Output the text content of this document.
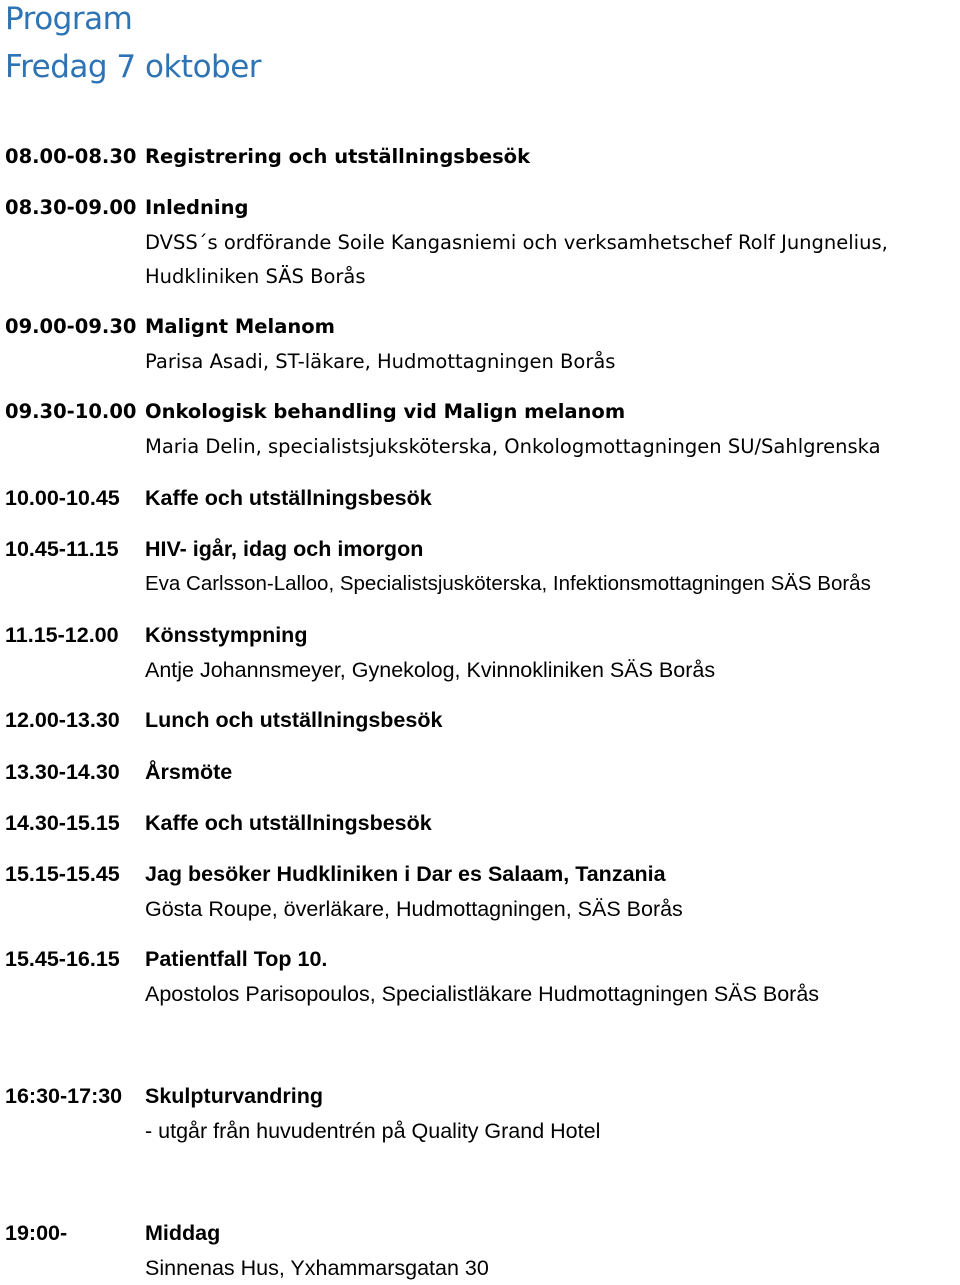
Program
Fredag 7 oktober
08.00-08.30 Registrering och utställningsbesök
08.30-09.00 Inledning
DVSS´s ordförande Soile Kangasniemi och verksamhetschef Rolf Jungnelius,
Hudkliniken SÄS Borås
09.00-09.30 Malignt Melanom
Parisa Asadi, ST-läkare, Hudmottagningen Borås
09.30-10.00 Onkologisk behandling vid Malign melanom
Maria Delin, specialistsjuksköterska, Onkologmottagningen SU/Sahlgrenska
10.00-10.45 Kaffe och utställningsbesök
10.45-11.15 HIV- igår, idag och imorgon
Eva Carlsson-Lalloo, Specialistsjusköterska, Infektionsmottagningen SÄS Borås
11.15-12.00 Könsstympning
Antje Johannsmeyer, Gynekolog, Kvinnokliniken SÄS Borås
12.00-13.30 Lunch och utställningsbesök
13.30-14.30 Årsmöte
14.30-15.15 Kaffe och utställningsbesök
15.15-15.45 Jag besöker Hudkliniken i Dar es Salaam, Tanzania
Gösta Roupe, överläkare, Hudmottagningen, SÄS Borås
15.45-16.15 Patientfall Top 10.
Apostolos Parisopoulos, Specialistläkare Hudmottagningen SÄS Borås
16:30-17:30 Skulpturvandring
- utgår från huvudentrén på Quality Grand Hotel
19:00-	Middag
Sinnenas Hus, Yxhammarsgatan 30
